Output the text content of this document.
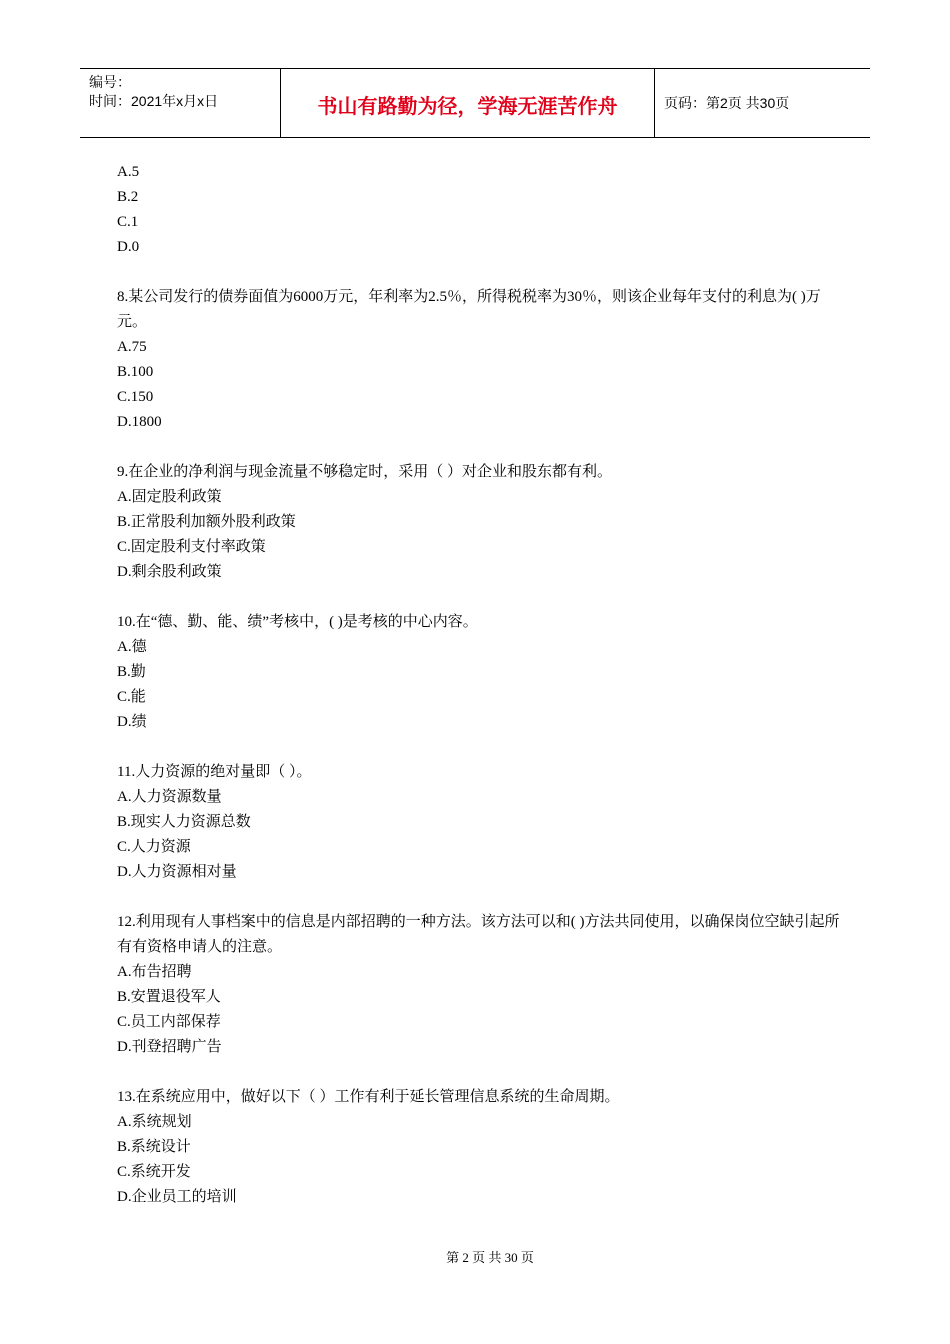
编号：
时间：2021年x月x日	书山有路勤为径，学海无涯苦作舟	页码：第2页 共30页

A.5

B.2

C.1

D.0

8.某公司发行的债券面值为6000万元，年利率为2.5％，所得税税率为30％，则该企业每年支付的利息为( )万元。

A.75

B.100

C.150

D.1800

9.在企业的净利润与现金流量不够稳定时，采用（ ）对企业和股东都有利。

A.固定股利政策

B.正常股利加额外股利政策

C.固定股利支付率政策

D.剩余股利政策

10.在“德、勤、能、绩”考核中，( )是考核的中心内容。

A.德

B.勤

C.能

D.绩

11.人力资源的绝对量即（ ）。

A.人力资源数量

B.现实人力资源总数

C.人力资源

D.人力资源相对量

12.利用现有人事档案中的信息是内部招聘的一种方法。该方法可以和( )方法共同使用，以确保岗位空缺引起所有有资格申请人的注意。

A.布告招聘

B.安置退役军人

C.员工内部保荐

D.刊登招聘广告

13.在系统应用中，做好以下（ ）工作有利于延长管理信息系统的生命周期。

A.系统规划

B.系统设计

C.系统开发

D.企业员工的培训

第 2 页 共 30 页
